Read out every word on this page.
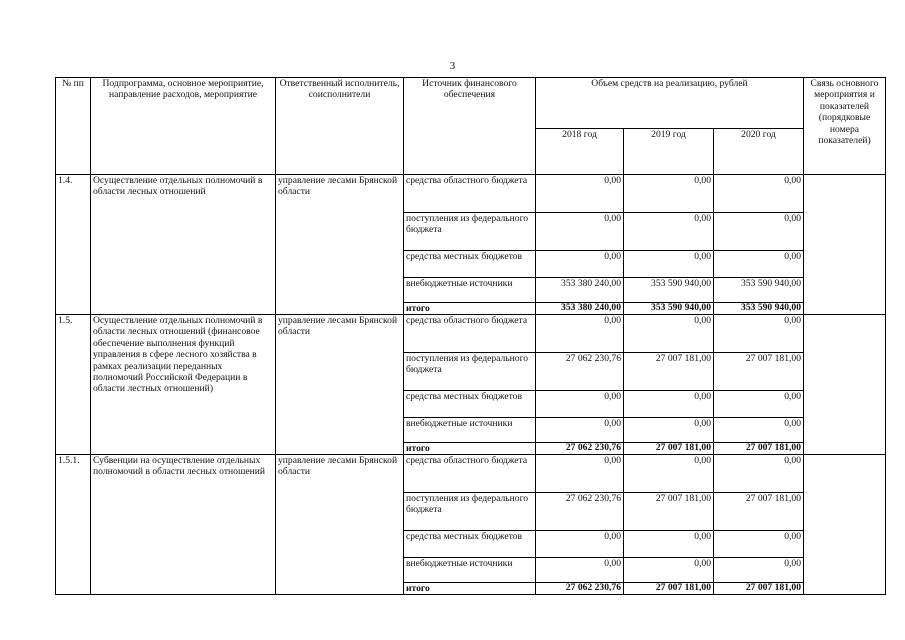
3
№ пп	Подпрограмма, основное мероприятие, направление расходов, мероприятие	Ответственный исполнитель, соисполнители	Источник финансового обеспечения	Объем средств на реализацию, рублей			Связь основного мероприятия и показателей (порядковые номера показателей)
				2018 год	2019 год	2020 год	
1.4.	Осуществление отдельных полномочий в области лесных отношений	управление лесами Брянской области	средства областного бюджета	0,00	0,00	0,00	
			поступления из федерального бюджета	0,00	0,00	0,00	
			средства местных бюджетов	0,00	0,00	0,00	
			внебюджетные источники	353 380 240,00	353 590 940,00	353 590 940,00	
			итого	353 380 240,00	353 590 940,00	353 590 940,00	
1.5.	Осуществление отдельных полномочий в области лесных отношений (финансовое обеспечение выполнения функций управления в сфере лесного хозяйства в рамках реализации переданных полномочий Российской Федерации в области лестных отношений)	управление лесами Брянской области	средства областного бюджета	0,00	0,00	0,00	
			поступления из федерального бюджета	27 062 230,76	27 007 181,00	27 007 181,00	
			средства местных бюджетов	0,00	0,00	0,00	
			внебюджетные источники	0,00	0,00	0,00	
			итого	27 062 230,76	27 007 181,00	27 007 181,00	
1.5.1.	Субвенции на осуществление отдельных полномочий в области лесных отношений	управление лесами Брянской области	средства областного бюджета	0,00	0,00	0,00	
			поступления из федерального бюджета	27 062 230,76	27 007 181,00	27 007 181,00	
			средства местных бюджетов	0,00	0,00	0,00	
			внебюджетные источники	0,00	0,00	0,00	
			итого	27 062 230,76	27 007 181,00	27 007 181,00	
